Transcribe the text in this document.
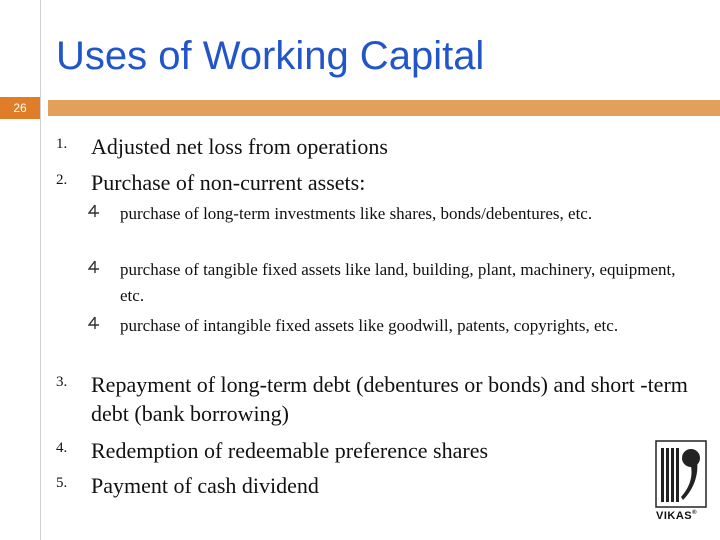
Uses of Working Capital
26
1.	Adjusted net loss from operations
2.	Purchase of non-current assets:
purchase of long-term investments like shares, bonds/debentures, etc.
purchase of tangible fixed assets like land, building, plant, machinery, equipment, etc.
purchase of intangible fixed assets like goodwill, patents, copyrights, etc.
3.	Repayment of long-term debt (debentures or bonds) and short -term debt (bank borrowing)
4.	Redemption of redeemable preference shares
5.	Payment of cash dividend
VIKAS®
